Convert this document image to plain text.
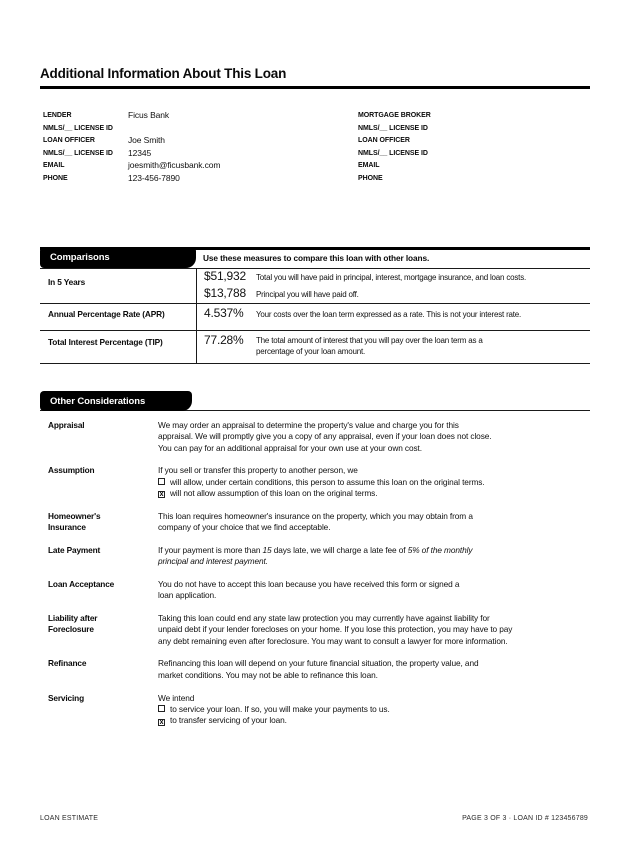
Additional Information About This Loan
LENDER	Ficus Bank
NMLS/__ LICENSE ID
LOAN OFFICER	Joe Smith
NMLS/__ LICENSE ID	12345
EMAIL	joesmith@ficusbank.com
PHONE	123-456-7890
MORTGAGE BROKER
NMLS/__ LICENSE ID
LOAN OFFICER
NMLS/__ LICENSE ID
EMAIL
PHONE
Comparisons	Use these measures to compare this loan with other loans.
In 5 Years	$51,932 Total you will have paid in principal, interest, mortgage insurance, and loan costs.
$13,788 Principal you will have paid off.
Annual Percentage Rate (APR)	4.537% Your costs over the loan term expressed as a rate. This is not your interest rate.
Total Interest Percentage (TIP)	77.28% The total amount of interest that you will pay over the loan term as a
percentage of your loan amount.
Other Considerations
Appraisal	We may order an appraisal to determine the property's value and charge you for this
appraisal. We will promptly give you a copy of any appraisal, even if your loan does not close.
You can pay for an additional appraisal for your own use at your own cost.
Assumption	If you sell or transfer this property to another person, we
will allow, under certain conditions, this person to assume this loan on the original terms.
x will not allow assumption of this loan on the original terms.
Homeowner's
Insurance
This loan requires homeowner's insurance on the property, which you may obtain from a
company of your choice that we find acceptable.
Late Payment	If your payment is more than 15 days late, we will charge a late fee of 5% of the monthly
principal and interest payment.
Loan Acceptance	You do not have to accept this loan because you have received this form or signed a
loan application.
Liability after
Foreclosure
Taking this loan could end any state law protection you may currently have against liability for
unpaid debt if your lender forecloses on your home. If you lose this protection, you may have to pay
any debt remaining even after foreclosure. You may want to consult a lawyer for more information.
Refinance	Refinancing this loan will depend on your future financial situation, the property value, and
market conditions. You may not be able to refinance this loan.
Servicing	We intend
to service your loan. If so, you will make your payments to us.
x to transfer servicing of your loan.
LOAN ESTIMATE	PAGE 3 OF 3 · LOAN ID # 123456789
